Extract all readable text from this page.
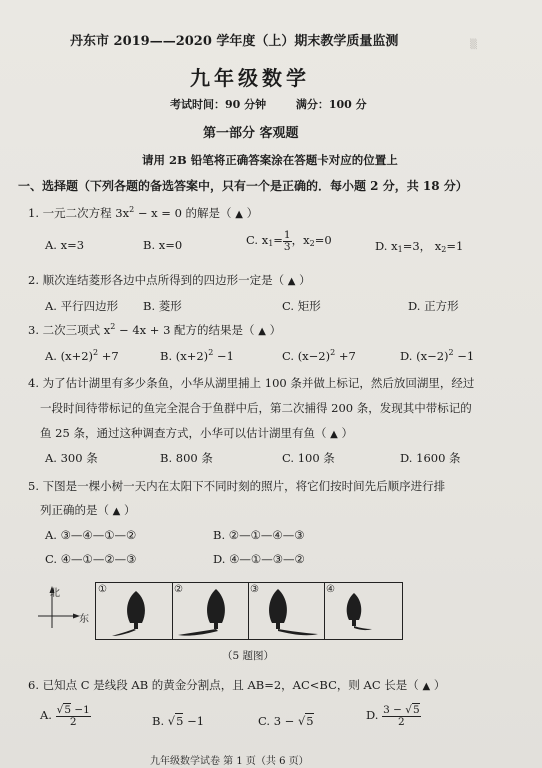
▒
丹东市 2019——2020 学年度（上）期末教学质量监测
九年级数学
考试时间：90 分钟	满分：100 分
第一部分 客观题
请用 2B 铅笔将正确答案涂在答题卡对应的位置上
一、选择题（下列各题的备选答案中，只有一个是正确的．每小题 2 分，共 18 分）
1. 一元二次方程 $3x^2 - x = 0$ 的解是（ ▲ ）
A. x=3	B. x=0	C. $x_1= \frac{1}{3}$ ，$x_2=0$	D. $x_1=3$， $x_2=1$
2. 顺次连结菱形各边中点所得到的四边形一定是（ ▲ ）
A. 平行四边形 B. 菱形	C. 矩形	D. 正方形
3. 二次三项式 $x^2 - 4x + 3$ 配方的结果是（ ▲ ）
A. $(x+2)^2 +7$	B. $(x+2)^2 -1$	C. $(x-2)^2 +7$	D. $(x-2)^2 -1$
4. 为了估计湖里有多少条鱼，小华从湖里捕上 100 条并做上标记，然后放回湖里，经过
一段时间待带标记的鱼完全混合于鱼群中后，第二次捕得 200 条，发现其中带标记的
鱼 25 条，通过这种调查方式，小华可以估计湖里有鱼（ ▲ ）
A. 300 条	B. 800 条	C. 100 条	D. 1600 条
5. 下图是一棵小树一天内在太阳下不同时刻的照片，将它们按时间先后顺序进行排
列正确的是（ ▲ ）
A. ③—④—①—②	B. ②—①—④—③
C. ④—①—②—③	D. ④—①—③—②
北
东
①	②	③	④
（5 题图）
6. 已知点 C 是线段 AB 的黄金分割点，且 AB=2，AC<BC，则 AC 长是（ ▲ ）
A. $\frac{√5 -1}{2}$	B. √5 −1	C. 3 − √5	D. $\frac{3 - √5}{2}$
九年级数学试卷 第 1 页（共 6 页）
